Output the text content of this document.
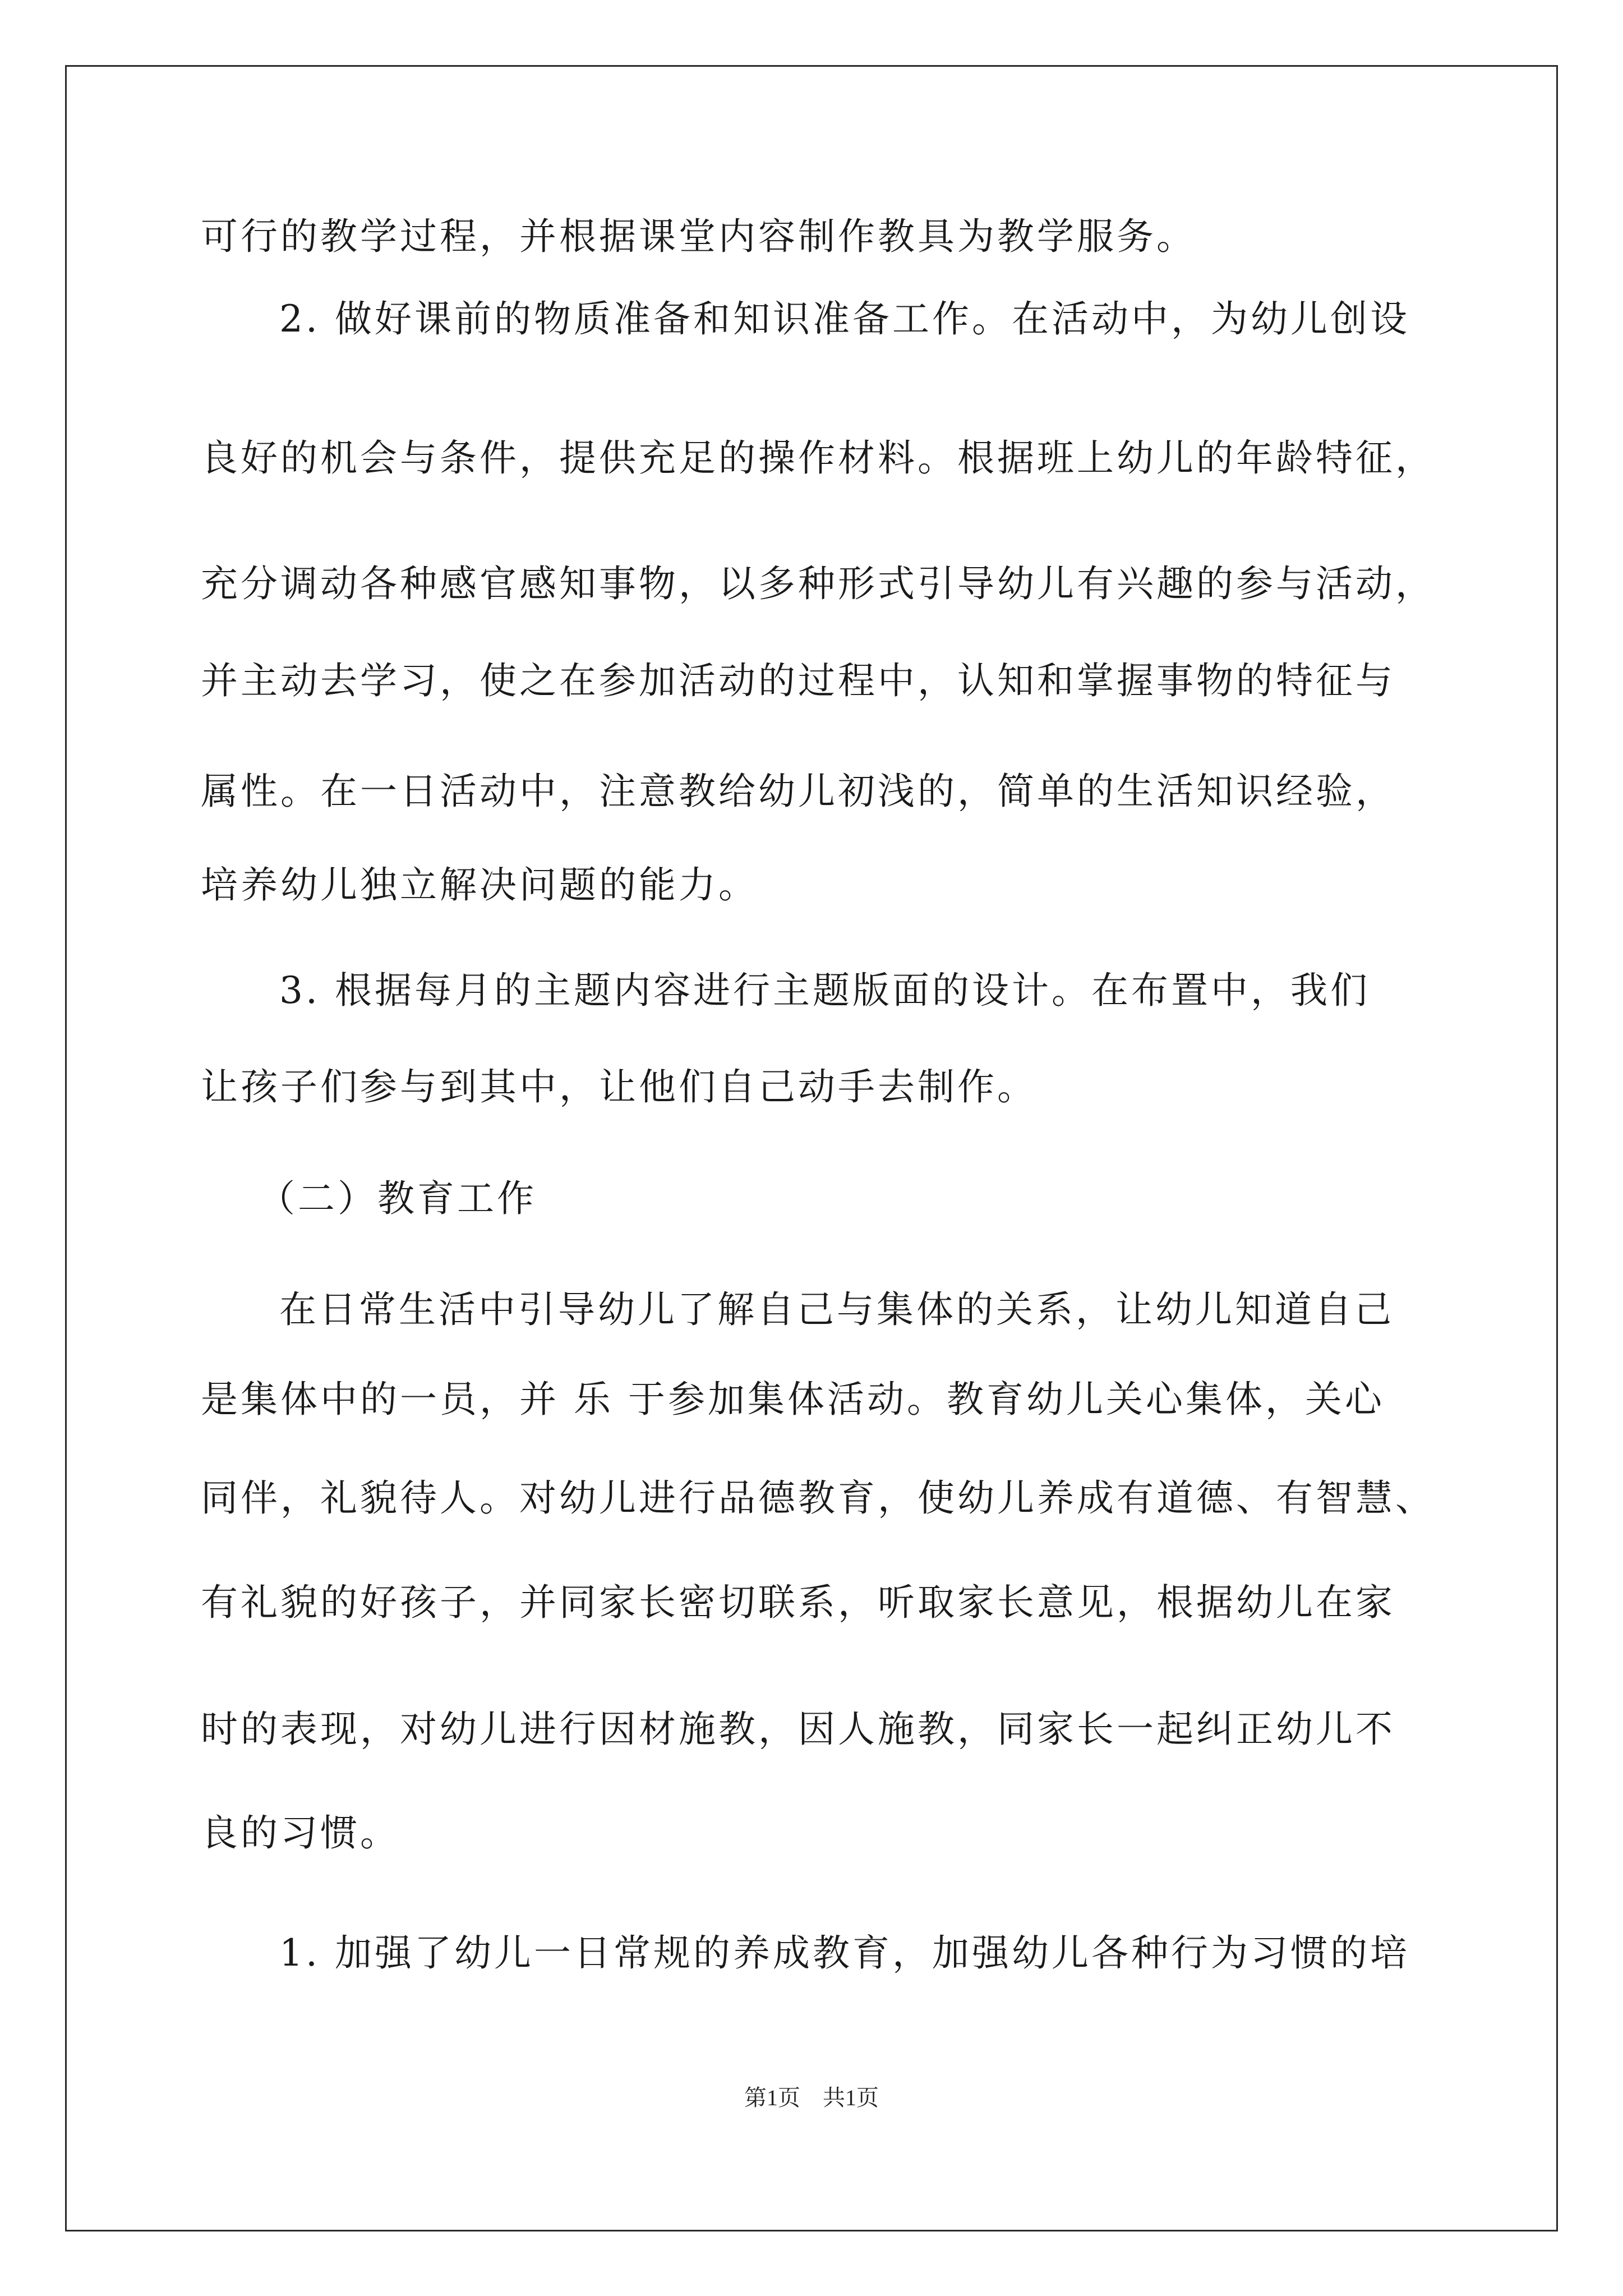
可行的教学过程，并根据课堂内容制作教具为教学服务。
2. 做好课前的物质准备和知识准备工作。在活动中，为幼儿创设
良好的机会与条件，提供充足的操作材料。根据班上幼儿的年龄特征，
充分调动各种感官感知事物，以多种形式引导幼儿有兴趣的参与活动，
并主动去学习，使之在参加活动的过程中，认知和掌握事物的特征与
属性。在一日活动中，注意教给幼儿初浅的，简单的生活知识经验，
培养幼儿独立解决问题的能力。
3. 根据每月的主题内容进行主题版面的设计。在布置中，我们
让孩子们参与到其中，让他们自己动手去制作。
（二）教育工作
在日常生活中引导幼儿了解自己与集体的关系，让幼儿知道自己
是集体中的一员，并 乐 于参加集体活动。教育幼儿关心集体，关心
同伴，礼貌待人。对幼儿进行品德教育，使幼儿养成有道德、有智慧、
有礼貌的好孩子，并同家长密切联系，听取家长意见，根据幼儿在家
时的表现，对幼儿进行因材施教，因人施教，同家长一起纠正幼儿不
良的习惯。
1. 加强了幼儿一日常规的养成教育，加强幼儿各种行为习惯的培
第1页　共1页
